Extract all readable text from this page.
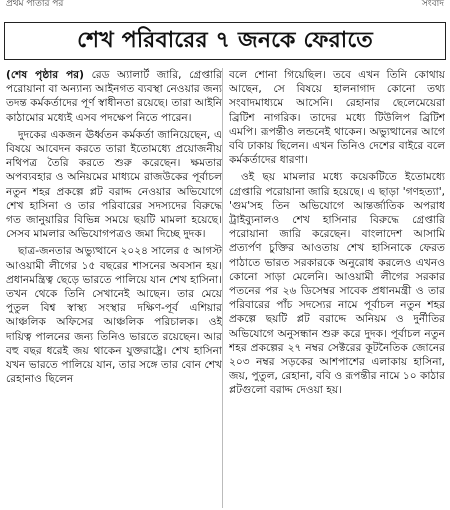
প্রথম পাতার পর	সংবাদ
শেখ পরিবারের ৭ জনকে ফেরাতে

(শেষ পৃষ্ঠার পর) রেড অ্যালার্ট জারি, গ্রেপ্তারি পরোয়ানা বা অন্যান্য আইনগত ব্যবস্থা নেওয়ার জন্য তদন্ত কর্মকর্তাদের পূর্ণ স্বাধীনতা রয়েছে। তারা আইনি কাঠামোর মধ্যেই এসব পদক্ষেপ নিতে পারেন।

দুদকের একজন ঊর্ধ্বতন কর্মকর্তা জানিয়েছেন, এ বিষয়ে আবেদন করতে তারা ইতোমধ্যে প্রয়োজনীয় নথিপত্র তৈরি করতে শুরু করেছেন। ক্ষমতার অপব্যবহার ও অনিয়মের মাধ্যমে রাজউকের পূর্বাচল নতুন শহর প্রকল্পে প্লট বরাদ্দ নেওয়ার অভিযোগে শেখ হাসিনা ও তার পরিবারের সদস্যদের বিরুদ্ধে গত জানুয়ারির বিভিন্ন সময়ে ছয়টি মামলা হয়েছে। সেসব মামলার অভিযোগপত্রও জমা দিচ্ছে দুদক।

ছাত্র-জনতার অভ্যুত্থানে ২০২৪ সালের ৫ আগস্ট আওয়ামী লীগের ১৫ বছরের শাসনের অবসান হয়। প্রধানমন্ত্রিত্ব ছেড়ে ভারতে পালিয়ে যান শেখ হাসিনা। তখন থেকে তিনি সেখানেই আছেন। তার মেয়ে পুতুল বিশ্ব স্বাস্থ্য সংস্থার দক্ষিণ-পূর্ব এশিয়ার আঞ্চলিক অফিসের আঞ্চলিক পরিচালক। ওই দায়িত্ব পালনের জন্য তিনিও ভারতে রয়েছেন। আর বহু বছর ধরেই জয় থাকেন যুক্তরাষ্ট্রে। শেখ হাসিনা যখন ভারতে পালিয়ে যান, তার সঙ্গে তার বোন শেখ রেহানাও ছিলেন

বলে শোনা গিয়েছিল। তবে এখন তিনি কোথায় আছেন, সে বিষয়ে হালনাগাদ কোনো তথ্য সংবাদমাধ্যমে আসেনি। রেহানার ছেলেমেয়েরা ব্রিটিশ নাগরিক। তাদের মধ্যে টিউলিপ ব্রিটিশ এমপি। রূপন্তীও লন্ডনেই থাকেন। অভ্যুত্থানের আগে ববি ঢাকায় ছিলেন। এখন তিনিও দেশের বাইরে বলে কর্মকর্তাদের ধারণা।

ওই ছয় মামলার মধ্যে কয়েকটিতে ইতোমধ্যে গ্রেপ্তারি পরোয়ানা জারি হয়েছে। এ ছাড়া 'গণহত্যা', 'গুম'সহ তিন অভিযোগে আন্তর্জাতিক অপরাধ ট্রাইব্যুনালও শেখ হাসিনার বিরুদ্ধে গ্রেপ্তারি পরোয়ানা জারি করেছেন। বাংলাদেশ আসামি প্রত্যর্পণ চুক্তির আওতায় শেখ হাসিনাকে ফেরত পাঠাতে ভারত সরকারকে অনুরোধ করলেও এখনও কোনো সাড়া মেলেনি। আওয়ামী লীগের সরকার পতনের পর ২৬ ডিসেম্বর সাবেক প্রধানমন্ত্রী ও তার পরিবারের পাঁচ সদস্যের নামে পূর্বাচল নতুন শহর প্রকল্পে ছয়টি প্লট বরাদ্দে অনিয়ম ও দুর্নীতির অভিযোগে অনুসন্ধান শুরু করে দুদক। পূর্বাচল নতুন শহর প্রকল্পের ২৭ নম্বর সেক্টরের কূটনৈতিক জোনের ২০৩ নম্বর সড়কের আশপাশের এলাকায় হাসিনা, জয়, পুতুল, রেহানা, ববি ও রূপন্তীর নামে ১০ কাঠার প্লটগুলো বরাদ্দ দেওয়া হয়।
